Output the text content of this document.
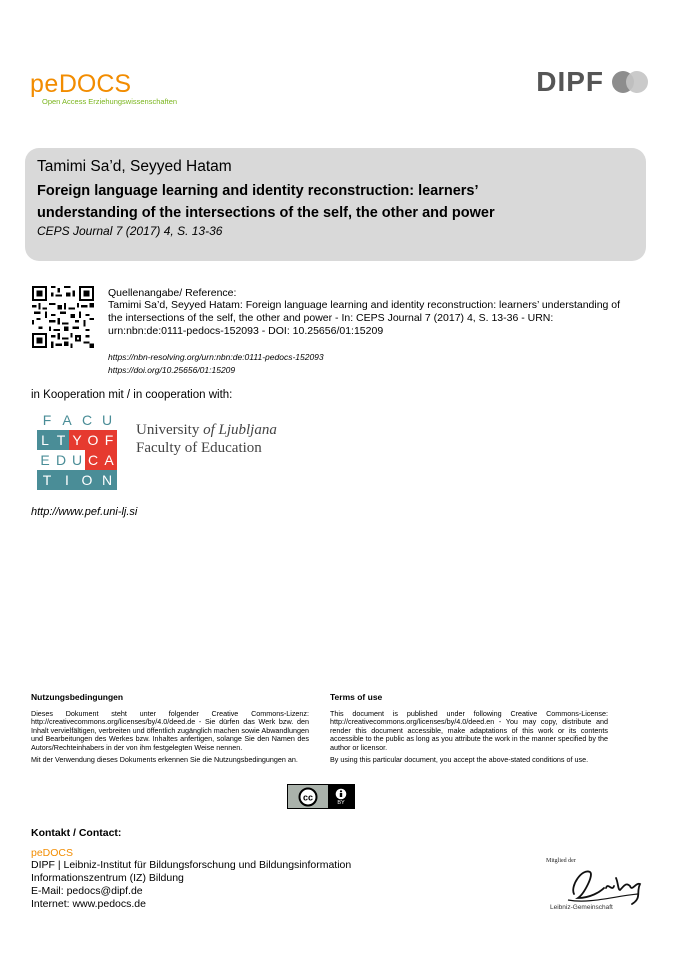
peDOCS
Open Access Erziehungswissenschaften
DIPF
Tamimi Sa’d, Seyyed Hatam
Foreign language learning and identity reconstruction: learners’
understanding of the intersections of the self, the other and power
CEPS Journal 7 (2017) 4, S. 13-36
Quellenangabe/ Reference:
Tamimi Sa’d, Seyyed Hatam: Foreign language learning and identity reconstruction: learners’ understanding of the intersections of the self, the other and power - In: CEPS Journal 7 (2017) 4, S. 13-36 - URN: urn:nbn:de:0111-pedocs-152093 - DOI: 10.25656/01:15209
https://nbn-resolving.org/urn:nbn:de:0111-pedocs-152093
https://doi.org/10.25656/01:15209
in Kooperation mit / in cooperation with:
F A C U
L T Y O F
E D U C A
T I O N
University of Ljubljana
Faculty of Education
http://www.pef.uni-lj.si
Nutzungsbedingungen	Terms of use

Dieses Dokument steht unter folgender Creative Commons-Lizenz: http://creativecommons.org/licenses/by/4.0/deed.de - Sie dürfen das Werk bzw. den Inhalt vervielfältigen, verbreiten und öffentlich zugänglich machen sowie Abwandlungen und Bearbeitungen des Werkes bzw. Inhaltes anfertigen, solange Sie den Namen des Autors/Rechteinhabers in der von ihm festgelegten Weise nennen.

Mit der Verwendung dieses Dokuments erkennen Sie die Nutzungsbedingungen an.

This document is published under following Creative Commons-License: http://creativecommons.org/licenses/by/4.0/deed.en - You may copy, distribute and render this document accessible, make adaptations of this work or its contents accessible to the public as long as you attribute the work in the manner specified by the author or licensor.

By using this particular document, you accept the above-stated conditions of use.

cc
BY
Kontakt / Contact:
peDOCS
DIPF | Leibniz-Institut für Bildungsforschung und Bildungsinformation
Informationszentrum (IZ) Bildung
E-Mail: pedocs@dipf.de
Internet: www.pedocs.de
Mitglied der
Leibniz-Gemeinschaft
